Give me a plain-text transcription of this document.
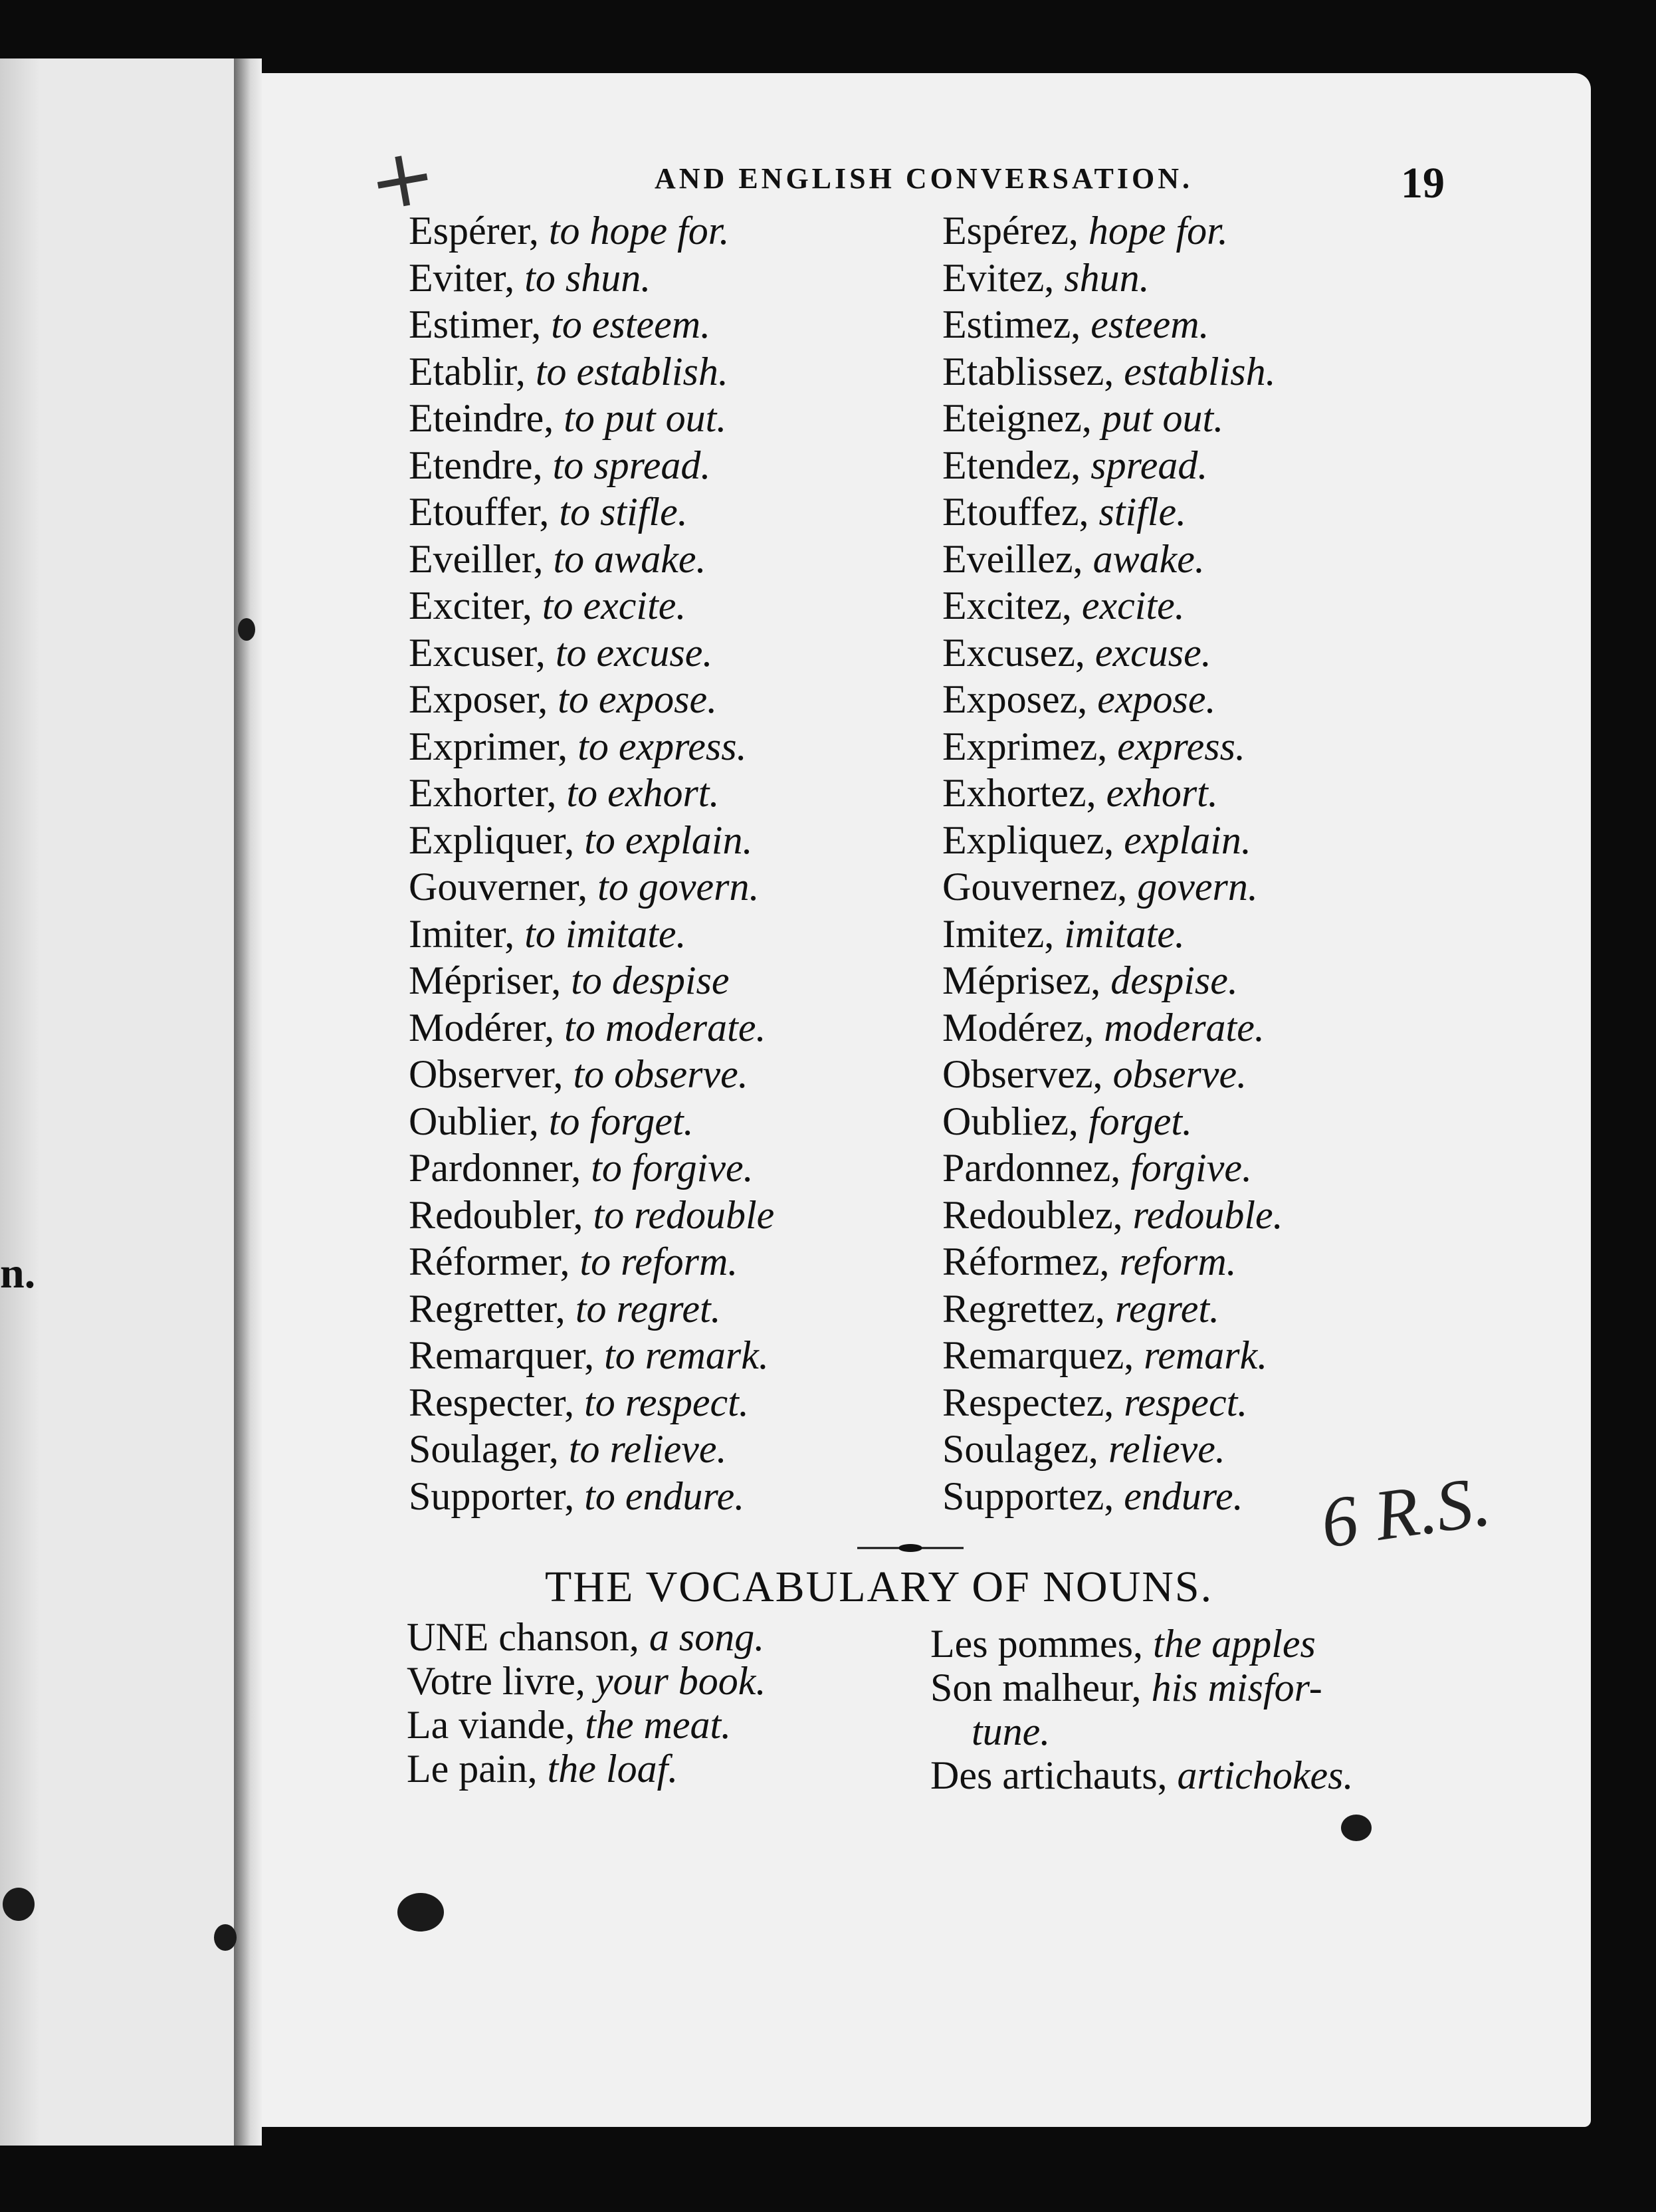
n.
+	AND ENGLISH CONVERSATION.	19
Espérer, to hope for.
Eviter, to shun.
Estimer, to esteem.
Etablir, to establish.
Eteindre, to put out.
Etendre, to spread.
Etouffer, to stifle.
Eveiller, to awake.
Exciter, to excite.
Excuser, to excuse.
Exposer, to expose.
Exprimer, to express.
Exhorter, to exhort.
Expliquer, to explain.
Gouverner, to govern.
Imiter, to imitate.
Mépriser, to despise
Modérer, to moderate.
Observer, to observe.
Oublier, to forget.
Pardonner, to forgive.
Redoubler, to redouble
Réformer, to reform.
Regretter, to regret.
Remarquer, to remark.
Respecter, to respect.
Soulager, to relieve.
Supporter, to endure.
Espérez, hope for.
Evitez, shun.
Estimez, esteem.
Etablissez, establish.
Eteignez, put out.
Etendez, spread.
Etouffez, stifle.
Eveillez, awake.
Excitez, excite.
Excusez, excuse.
Exposez, expose.
Exprimez, express.
Exhortez, exhort.
Expliquez, explain.
Gouvernez, govern.
Imitez, imitate.
Méprisez, despise.
Modérez, moderate.
Observez, observe.
Oubliez, forget.
Pardonnez, forgive.
Redoublez, redouble.
Réformez, reform.
Regrettez, regret.
Remarquez, remark.
Respectez, respect.
Soulagez, relieve.
Supportez, endure.
THE VOCABULARY OF NOUNS.
UNE chanson, a song.
Votre livre, your book.
La viande, the meat.
Le pain, the loaf.
Les pommes, the apples
Son malheur, his misfor-
tune.
Des artichauts, artichokes.
6 R.S.
